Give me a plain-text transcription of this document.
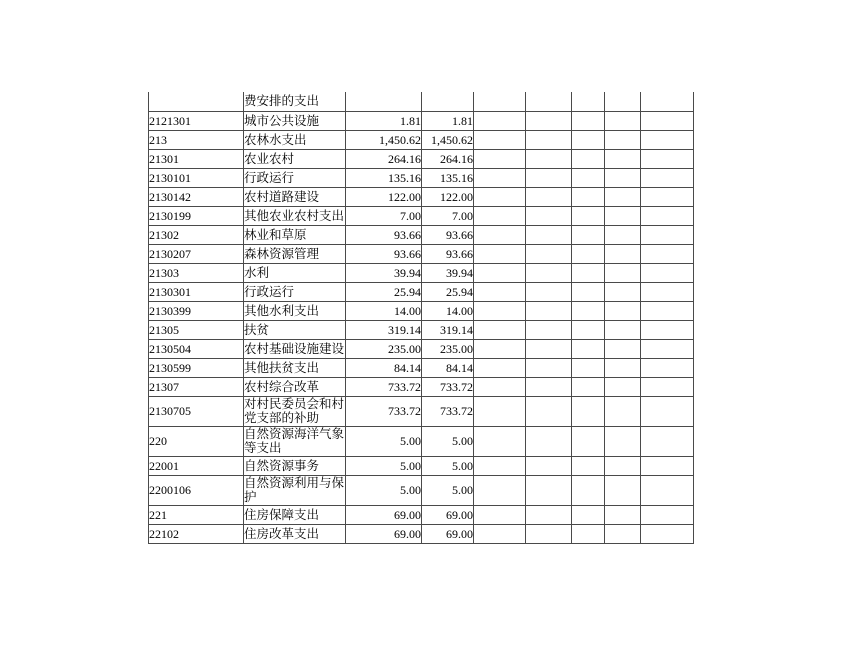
	费安排的支出							
2121301	城市公共设施	1.81	1.81					
213	农林水支出	1,450.62	1,450.62					
21301	农业农村	264.16	264.16					
2130101	行政运行	135.16	135.16					
2130142	农村道路建设	122.00	122.00					
2130199	其他农业农村支出	7.00	7.00					
21302	林业和草原	93.66	93.66					
2130207	森林资源管理	93.66	93.66					
21303	水利	39.94	39.94					
2130301	行政运行	25.94	25.94					
2130399	其他水利支出	14.00	14.00					
21305	扶贫	319.14	319.14					
2130504	农村基础设施建设	235.00	235.00					
2130599	其他扶贫支出	84.14	84.14					
21307	农村综合改革	733.72	733.72					
2130705	对村民委员会和村党支部的补助	733.72	733.72					
220	自然资源海洋气象等支出	5.00	5.00					
22001	自然资源事务	5.00	5.00					
2200106	自然资源利用与保护	5.00	5.00					
221	住房保障支出	69.00	69.00					
22102	住房改革支出	69.00	69.00					
